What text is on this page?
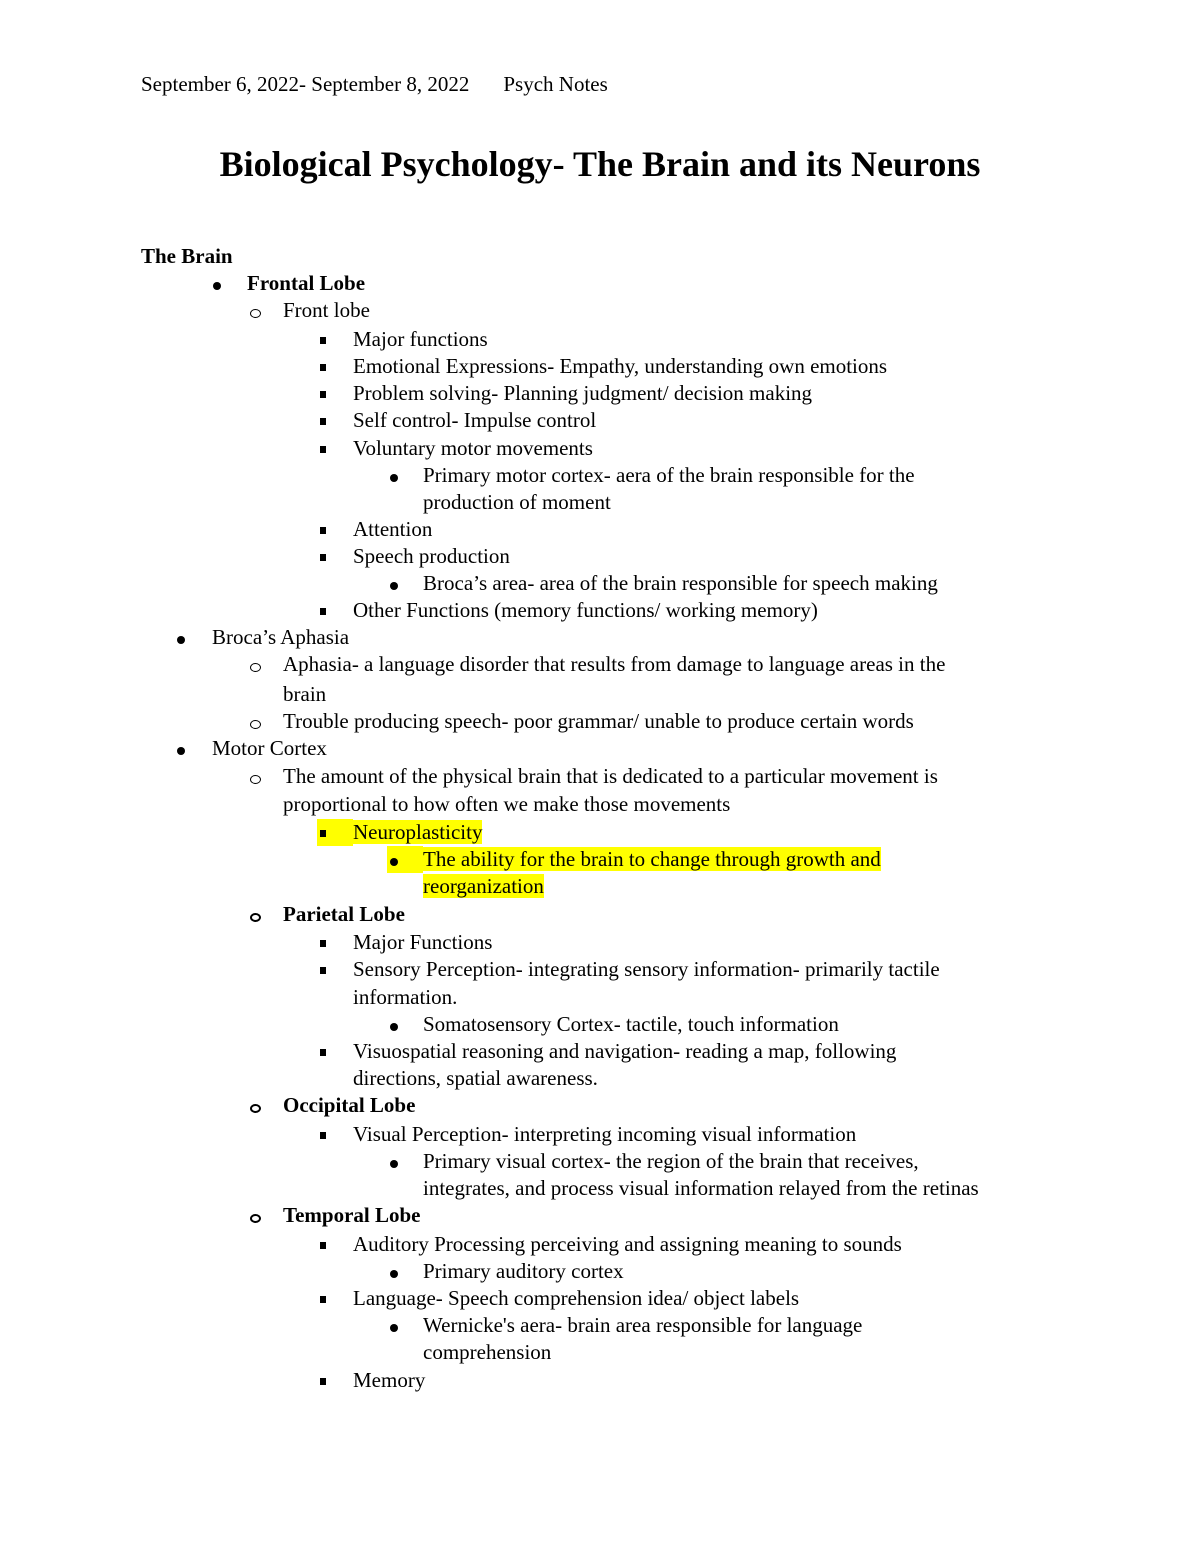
September 6, 2022- September 8, 2022 Psych Notes
Biological Psychology- The Brain and its Neurons
The Brain
Frontal Lobe
Front lobe
Major functions
Emotional Expressions- Empathy, understanding own emotions
Problem solving- Planning judgment/ decision making
Self control- Impulse control
Voluntary motor movements
Primary motor cortex- aera of the brain responsible for the
production of moment
Attention
Speech production
Broca’s area- area of the brain responsible for speech making
Other Functions (memory functions/ working memory)
Broca’s Aphasia
Aphasia- a language disorder that results from damage to language areas in the
brain
Trouble producing speech- poor grammar/ unable to produce certain words
Motor Cortex
The amount of the physical brain that is dedicated to a particular movement is
proportional to how often we make those movements
Neuroplasticity
The ability for the brain to change through growth and
reorganization
Parietal Lobe
Major Functions
Sensory Perception- integrating sensory information- primarily tactile
information.
Somatosensory Cortex- tactile, touch information
Visuospatial reasoning and navigation- reading a map, following
directions, spatial awareness.
Occipital Lobe
Visual Perception- interpreting incoming visual information
Primary visual cortex- the region of the brain that receives,
integrates, and process visual information relayed from the retinas
Temporal Lobe
Auditory Processing perceiving and assigning meaning to sounds
Primary auditory cortex
Language- Speech comprehension idea/ object labels
Wernicke's aera- brain area responsible for language
comprehension
Memory
